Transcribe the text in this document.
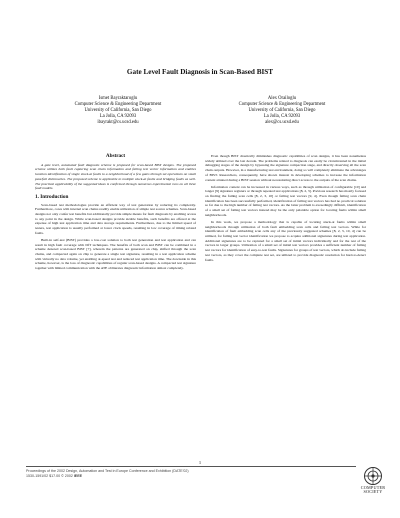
Gate Level Fault Diagnosis in Scan-Based BIST
Ismet Bayraktaroglu
Computer Science & Engineering Department
University of California, San Diego
La Jolla, CA 92093
ibayrakt@cs.ucsd.edu
Alex Orailoglu
Computer Science & Engineering Department
University of California, San Diego
La Jolla, CA 92093
alex@cs.ucsd.edu
Abstract

A gate level, automated fault diagnosis scheme is proposed for scan-based BIST designs. The proposed scheme utilizes both fault capturing scan chain information and failing test vector information and enables location identification of single stuck-at faults to a neighborhood of a few gates through set operations on small pass/fail dictionaries. The proposed scheme is applicable to multiple stuck-at faults and bridging faults as well. The practical applicability of the suggested ideas is confirmed through numerous experimental runs on all three fault models.

1. Introduction

Scan-based test methodologies provide an efficient way of test generation by reducing its complexity. Furthermore, cores with internal scan chains readily enable utilization of simple test source schemes. Scan-based designs not only confer test benefits but additionally provide simple means for fault diagnosis by enabling access to any point in the design. While scan-based designs provide sizable benefits, such benefits are offered at the expense of high test application time and data storage requirements. Furthermore, due to the limited speed of testers, test application is usually performed at lower clock speeds, resulting in low coverage of timing related faults.

Built-in self-test (BIST) provides a low-cost solution to both test generation and test application and can result in high fault coverage with DfT techniques. The benefits of both scan and BIST can be combined in a scheme denoted scan-based BIST [7], wherein the patterns are generated on chip, shifted through the scan chains, and compacted again on chip to generate a single test signature, resulting in a test application scheme with virtually no data volume, yet enabling at-speed test and reduced test application time. The downside in this scheme, however, is the loss of diagnostic capabilities of regular scan-based designs. A compacted test signature together with limited communication with the ATE obliterates diagnostic information almost completely.

Even though BIST drastically diminishes diagnostic capabilities of scan designs, it has been nonetheless widely utilized over the last decade. The problems related to diagnosis can easily be circumvented in the initial debugging stages of the design by bypassing the signature compaction stage, and directly observing all the scan chain outputs. However, in a manufacturing test environment, doing so will completely eliminate the advantages of BIST. Researchers, consequently, have shown interest in developing schemes to increase the information content attained during a BIST session without necessitating direct access to the outputs of the scan chains.

Information content can be increased in various ways, such as through utilization of configurable [10] and longer [9] signature registers or through repeated test applications [8, 2, 3]. Previous research has mostly focused on finding the failing scan cells [8, 2, 3, 10] or failing test vectors [9, 4]. Even though failing scan chain identification has been successfully performed, identification of failing test vectors has had no practical solution so far due to the high number of failing test vectors. As the latter problem is exceedingly difficult, identification of a small set of failing test vectors instead may be the only palatable option for locating faults within small neighborhoods.

In this work, we propose a methodology that is capable of locating stuck-at faults within small neighborhoods through utilization of both fault embedding scan cells and failing test vectors. While for identification of fault embedding scan cells any of the previously suggested schemes [8, 2, 3, 10, 4] can be utilized, for failing test vector identification we propose to acquire additional signatures during test application. Additional signatures are to be captured for a small set of initial vectors individually and for the rest of the vectors in larger groups. Utilization of a small set of initial test vectors provides a sufficient number of failing test vectors for identification of easy-to-test faults. Signatures for groups of test vectors, which do include failing test vectors, as they cover the complete test set, are utilized to provide diagnostic resolution for hard-to-detect faults.

1
Proceedings of the 2002 Design, Automation and Test in Europe Conference and Exhibition (DATE'02)
1530-1591/02 $17.00 © 2002 IEEE
COMPUTER
SOCIETY
